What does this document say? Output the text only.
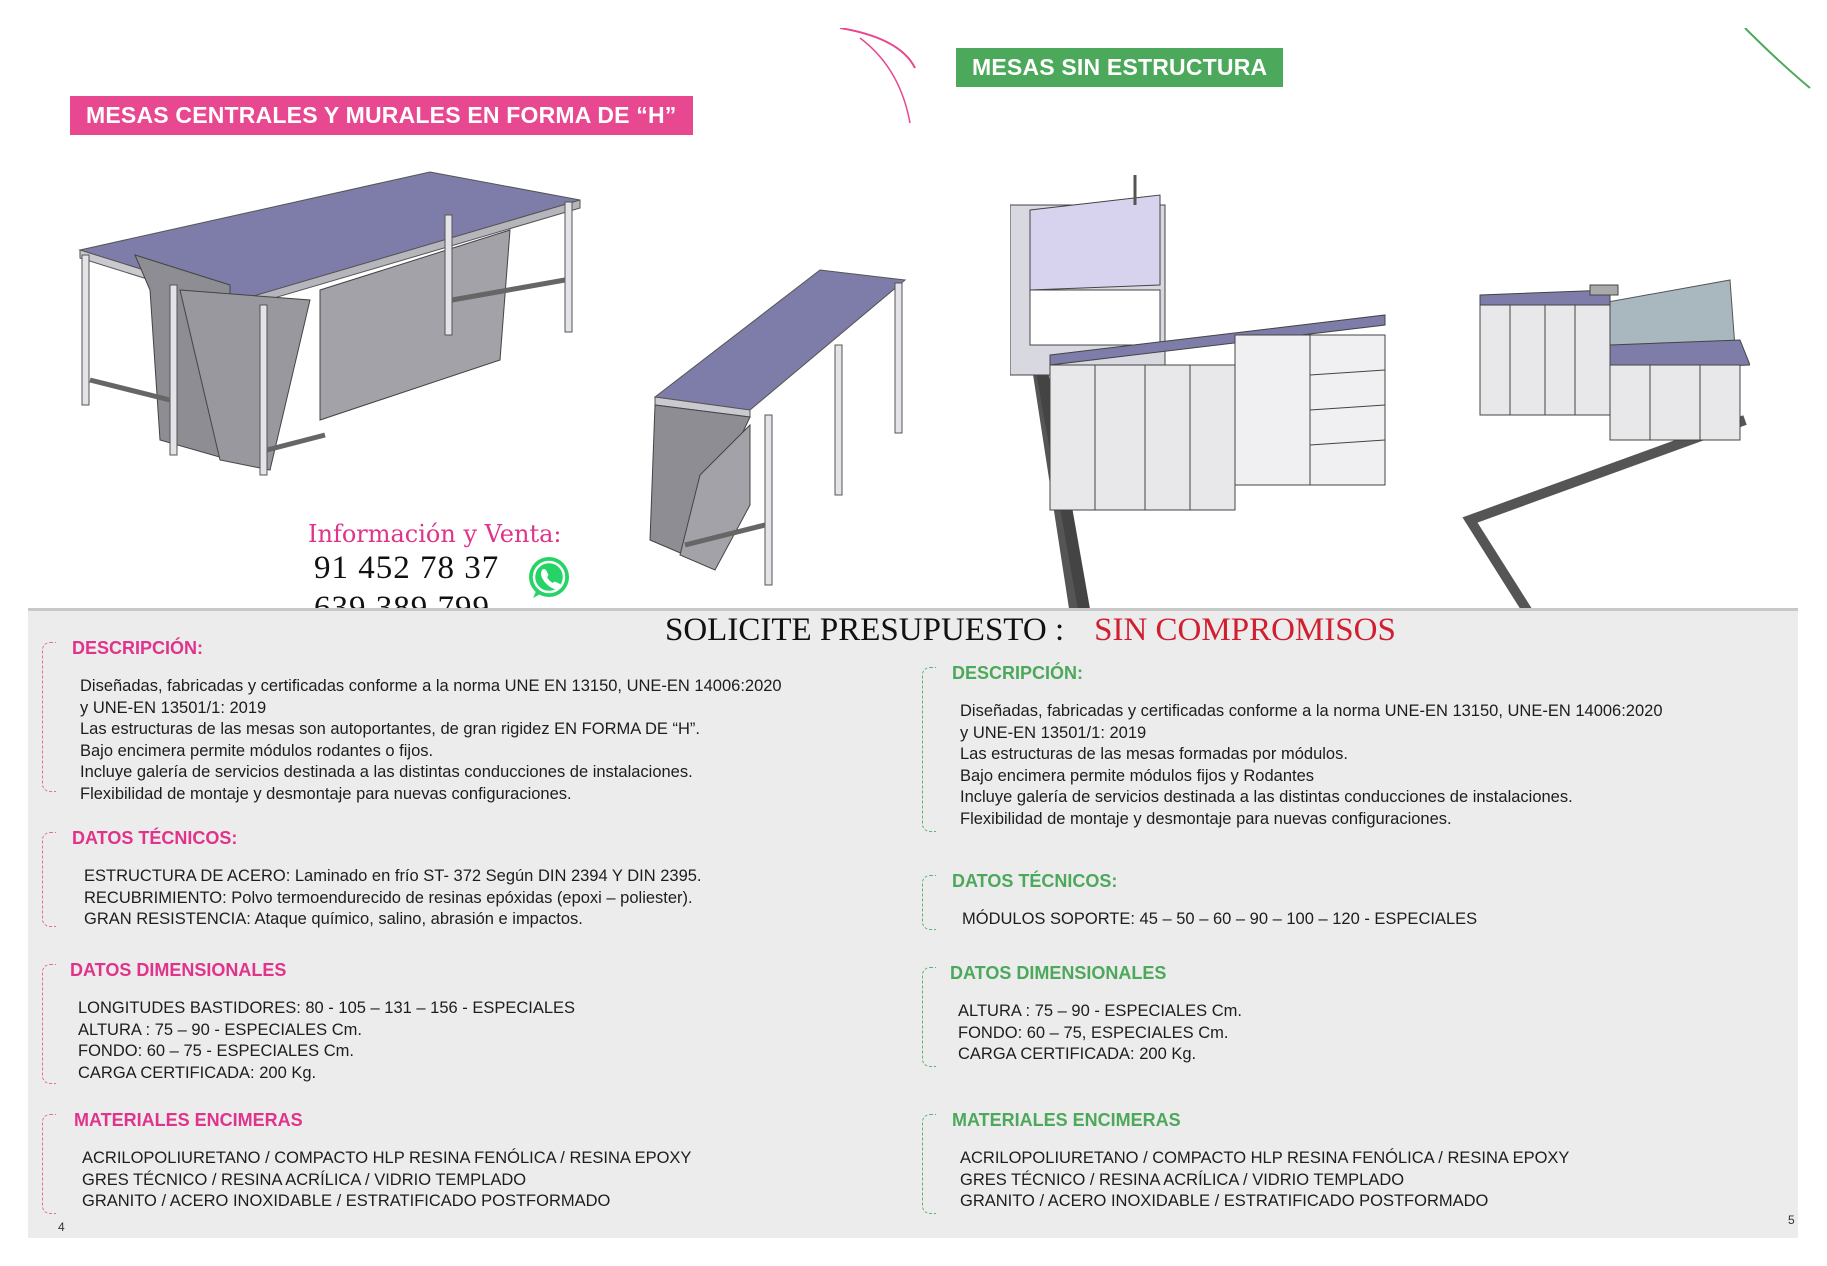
MESAS CENTRALES Y MURALES EN FORMA DE “H”
MESAS SIN ESTRUCTURA
Información y Venta:
91 452 78 37
DESCRIPCIÓN:
Diseñadas, fabricadas y certificadas conforme a la norma UNE EN 13150, UNE-EN 14006:2020
y UNE-EN 13501/1: 2019
Las estructuras de las mesas son autoportantes, de gran rigidez EN FORMA DE “H”.
Bajo encimera permite módulos rodantes o fijos.
Incluye galería de servicios destinada a las distintas conducciones de instalaciones.
Flexibilidad de montaje y desmontaje para nuevas configuraciones.
DATOS TÉCNICOS:
ESTRUCTURA DE ACERO: Laminado en frío ST- 372 Según DIN 2394 Y DIN 2395.
RECUBRIMIENTO: Polvo termoendurecido de resinas epóxidas (epoxi – poliester).
GRAN RESISTENCIA: Ataque químico, salino, abrasión e impactos.
DATOS DIMENSIONALES
LONGITUDES BASTIDORES: 80 - 105 – 131 – 156 - ESPECIALES
ALTURA : 75 – 90 - ESPECIALES Cm.
FONDO: 60 – 75 - ESPECIALES Cm.
CARGA CERTIFICADA: 200 Kg.
MATERIALES ENCIMERAS
ACRILOPOLIURETANO / COMPACTO HLP RESINA FENÓLICA / RESINA EPOXY
GRES TÉCNICO / RESINA ACRÍLICA / VIDRIO TEMPLADO
GRANITO / ACERO INOXIDABLE / ESTRATIFICADO POSTFORMADO
4
DESCRIPCIÓN:
Diseñadas, fabricadas y certificadas conforme a la norma UNE-EN 13150, UNE-EN 14006:2020
y UNE-EN 13501/1: 2019
Las estructuras de las mesas formadas por módulos.
Bajo encimera permite módulos fijos y Rodantes
Incluye galería de servicios destinada a las distintas conducciones de instalaciones.
Flexibilidad de montaje y desmontaje para nuevas configuraciones.
DATOS TÉCNICOS:
MÓDULOS SOPORTE: 45 – 50 – 60 – 90 – 100 – 120 - ESPECIALES
DATOS DIMENSIONALES
ALTURA : 75 – 90 - ESPECIALES Cm.
FONDO: 60 – 75, ESPECIALES Cm.
CARGA CERTIFICADA: 200 Kg.
MATERIALES ENCIMERAS
ACRILOPOLIURETANO / COMPACTO HLP RESINA FENÓLICA / RESINA EPOXY
GRES TÉCNICO / RESINA ACRÍLICA / VIDRIO TEMPLADO
GRANITO / ACERO INOXIDABLE / ESTRATIFICADO POSTFORMADO
5
SOLICITE PRESUPUESTO : SIN COMPROMISOS
